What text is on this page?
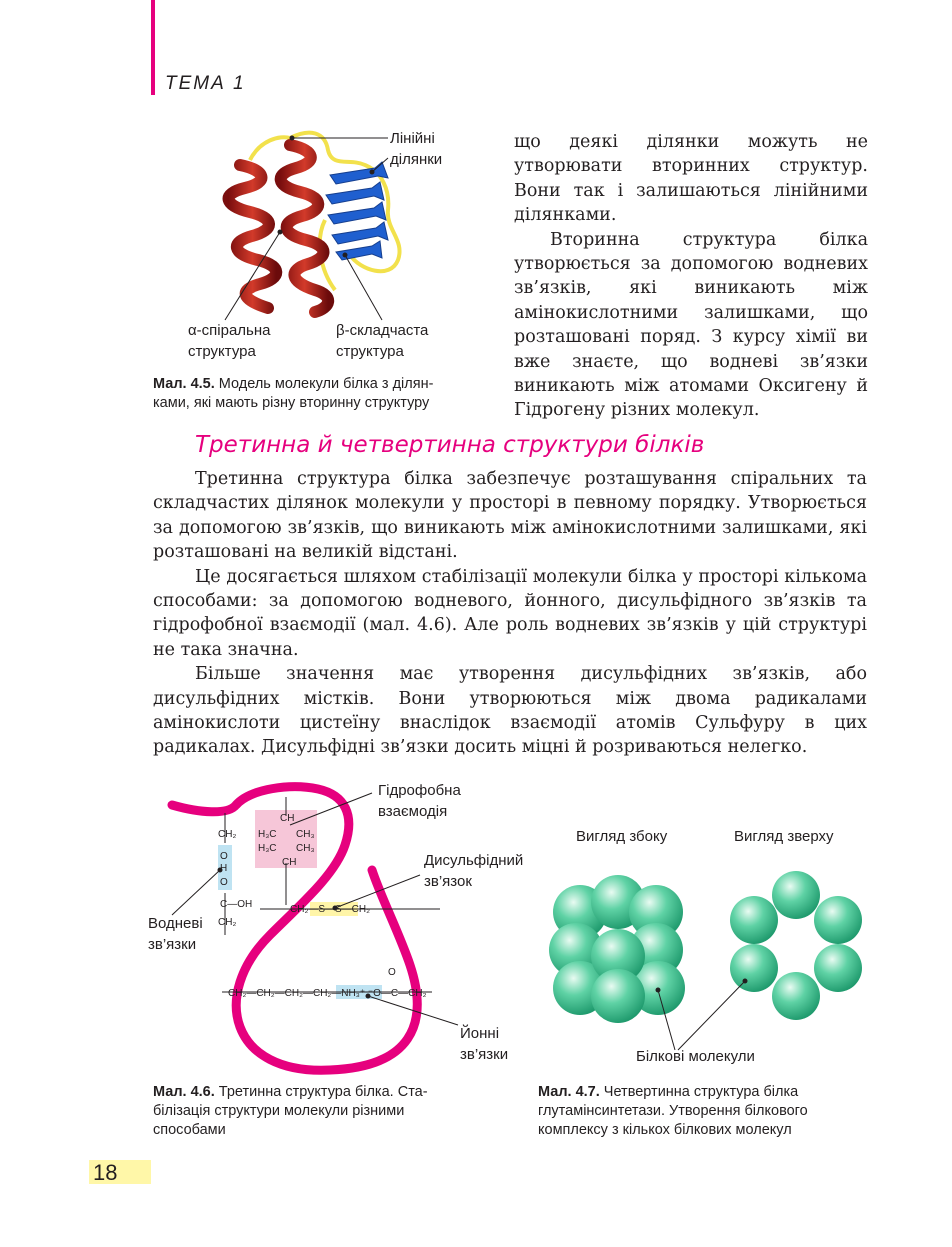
ТЕМА 1
Лінійні
ділянки
α-спіральна
структура
β-складчаста
структура
Мал. 4.5. Модель молекули білка з ділян-
ками, які мають різну вторинну структуру

що деякі ділянки можуть не утворювати вторинних структур. Вони так і залишаються лінійними ділянками.

Вторинна структура білка утворюється за допомогою водневих зв’язків, які виникають між амінокислотними залишками, що розташовані поряд. З курсу хімії ви вже знаєте, що водневі зв’язки виникають між атомами Оксигену й Гідрогену різних молекул.

Третинна й четвертинна структури білків

Третинна структура білка забезпечує розташування спіральних та складчастих ділянок молекули у просторі в певному порядку. Утворюється за допомогою зв’язків, що виникають між амінокислотними залишками, які розташовані на великій відстані.

Це досягається шляхом стабілізації молекули білка у просторі кількома способами: за допомогою водневого, йонного, дисульфідного зв’язків та гідрофобної взаємодії (мал. 4.6). Але роль водневих зв’язків у цій структурі не така значна.

Більше значення має утворення дисульфідних зв’язків, або дисульфідних містків. Вони утворюються між двома радикалами амінокислоти цистеїну внаслідок взаємодії атомів Сульфуру в цих радикалах. Дисульфідні зв’язки досить міцні й розриваються нелегко.

CH₂
O
H
O
C—OH
CH₂
CH
H₃C CH₃
H₃C CH₃
CH
CH₂—S—S—CH₂
CH₂—CH₂—CH₂—CH₂—NH₃⁺ ⁻O—C—CH₂
O
Гідрофобна
взаємодія
Дисульфідний
зв’язок
Водневі
зв’язки
Йонні
зв’язки
Мал. 4.6. Третинна структура білка. Ста-
білізація структури молекули різними
способами
Вигляд збоку	Вигляд зверху
Білкові молекули
Мал. 4.7. Четвертинна структура білка
глутамінсинтетази. Утворення білкового
комплексу з кількох білкових молекул
18
